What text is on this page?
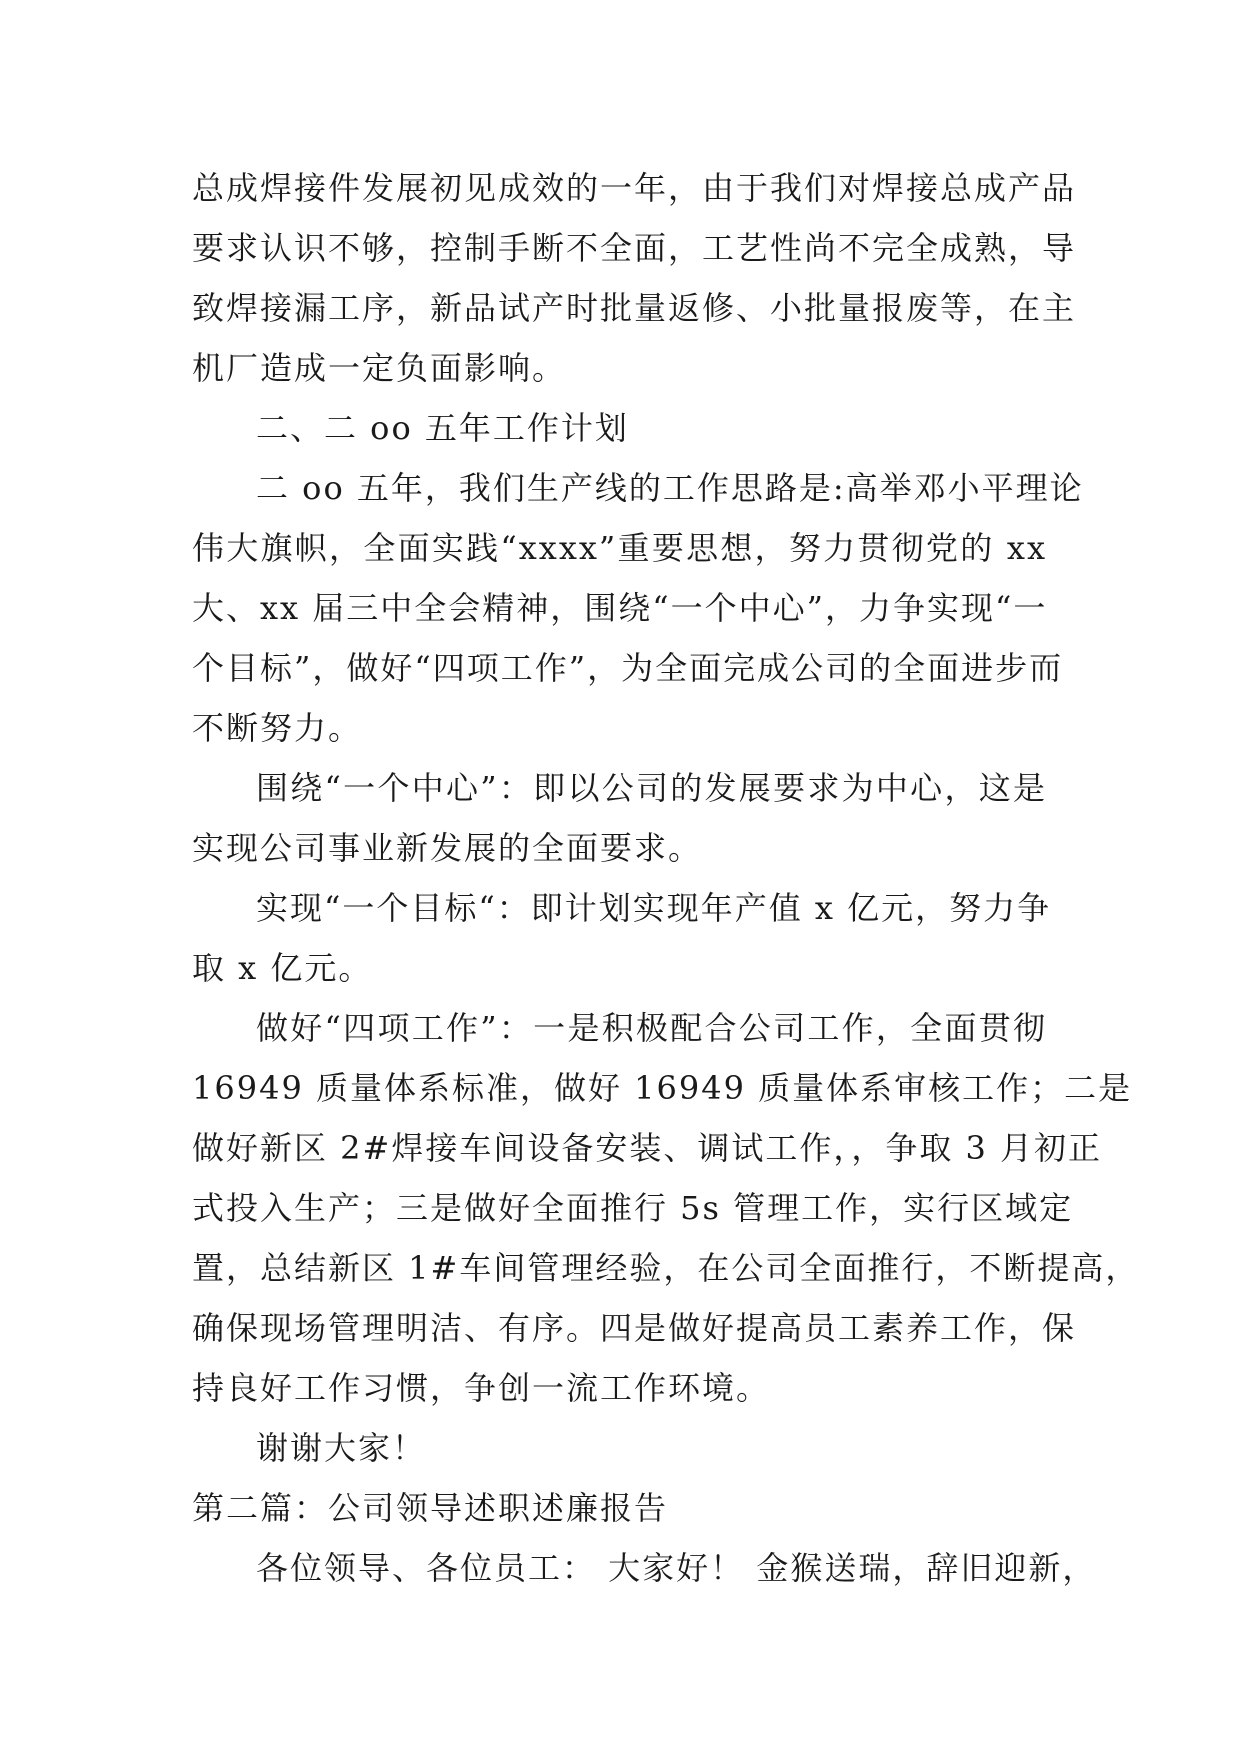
总成焊接件发展初见成效的一年，由于我们对焊接总成产品
要求认识不够，控制手断不全面，工艺性尚不完全成熟，导
致焊接漏工序，新品试产时批量返修、小批量报废等，在主
机厂造成一定负面影响。
二、二 oo 五年工作计划
二 oo 五年，我们生产线的工作思路是:高举邓小平理论
伟大旗帜，全面实践“xxxx”重要思想，努力贯彻党的 xx
大、xx 届三中全会精神，围绕“一个中心”，力争实现“一
个目标”，做好“四项工作”，为全面完成公司的全面进步而
不断努力。
围绕“一个中心”：即以公司的发展要求为中心，这是
实现公司事业新发展的全面要求。
实现“一个目标“：即计划实现年产值 x 亿元，努力争
取 x 亿元。
做好“四项工作”：一是积极配合公司工作，全面贯彻
16949 质量体系标准，做好 16949 质量体系审核工作；二是
做好新区 2#焊接车间设备安装、调试工作，，争取 3 月初正
式投入生产；三是做好全面推行 5s 管理工作，实行区域定
置，总结新区 1#车间管理经验，在公司全面推行，不断提高，
确保现场管理明洁、有序。四是做好提高员工素养工作，保
持良好工作习惯，争创一流工作环境。
谢谢大家！
第二篇：公司领导述职述廉报告
各位领导、各位员工： 大家好！ 金猴送瑞，辞旧迎新，
